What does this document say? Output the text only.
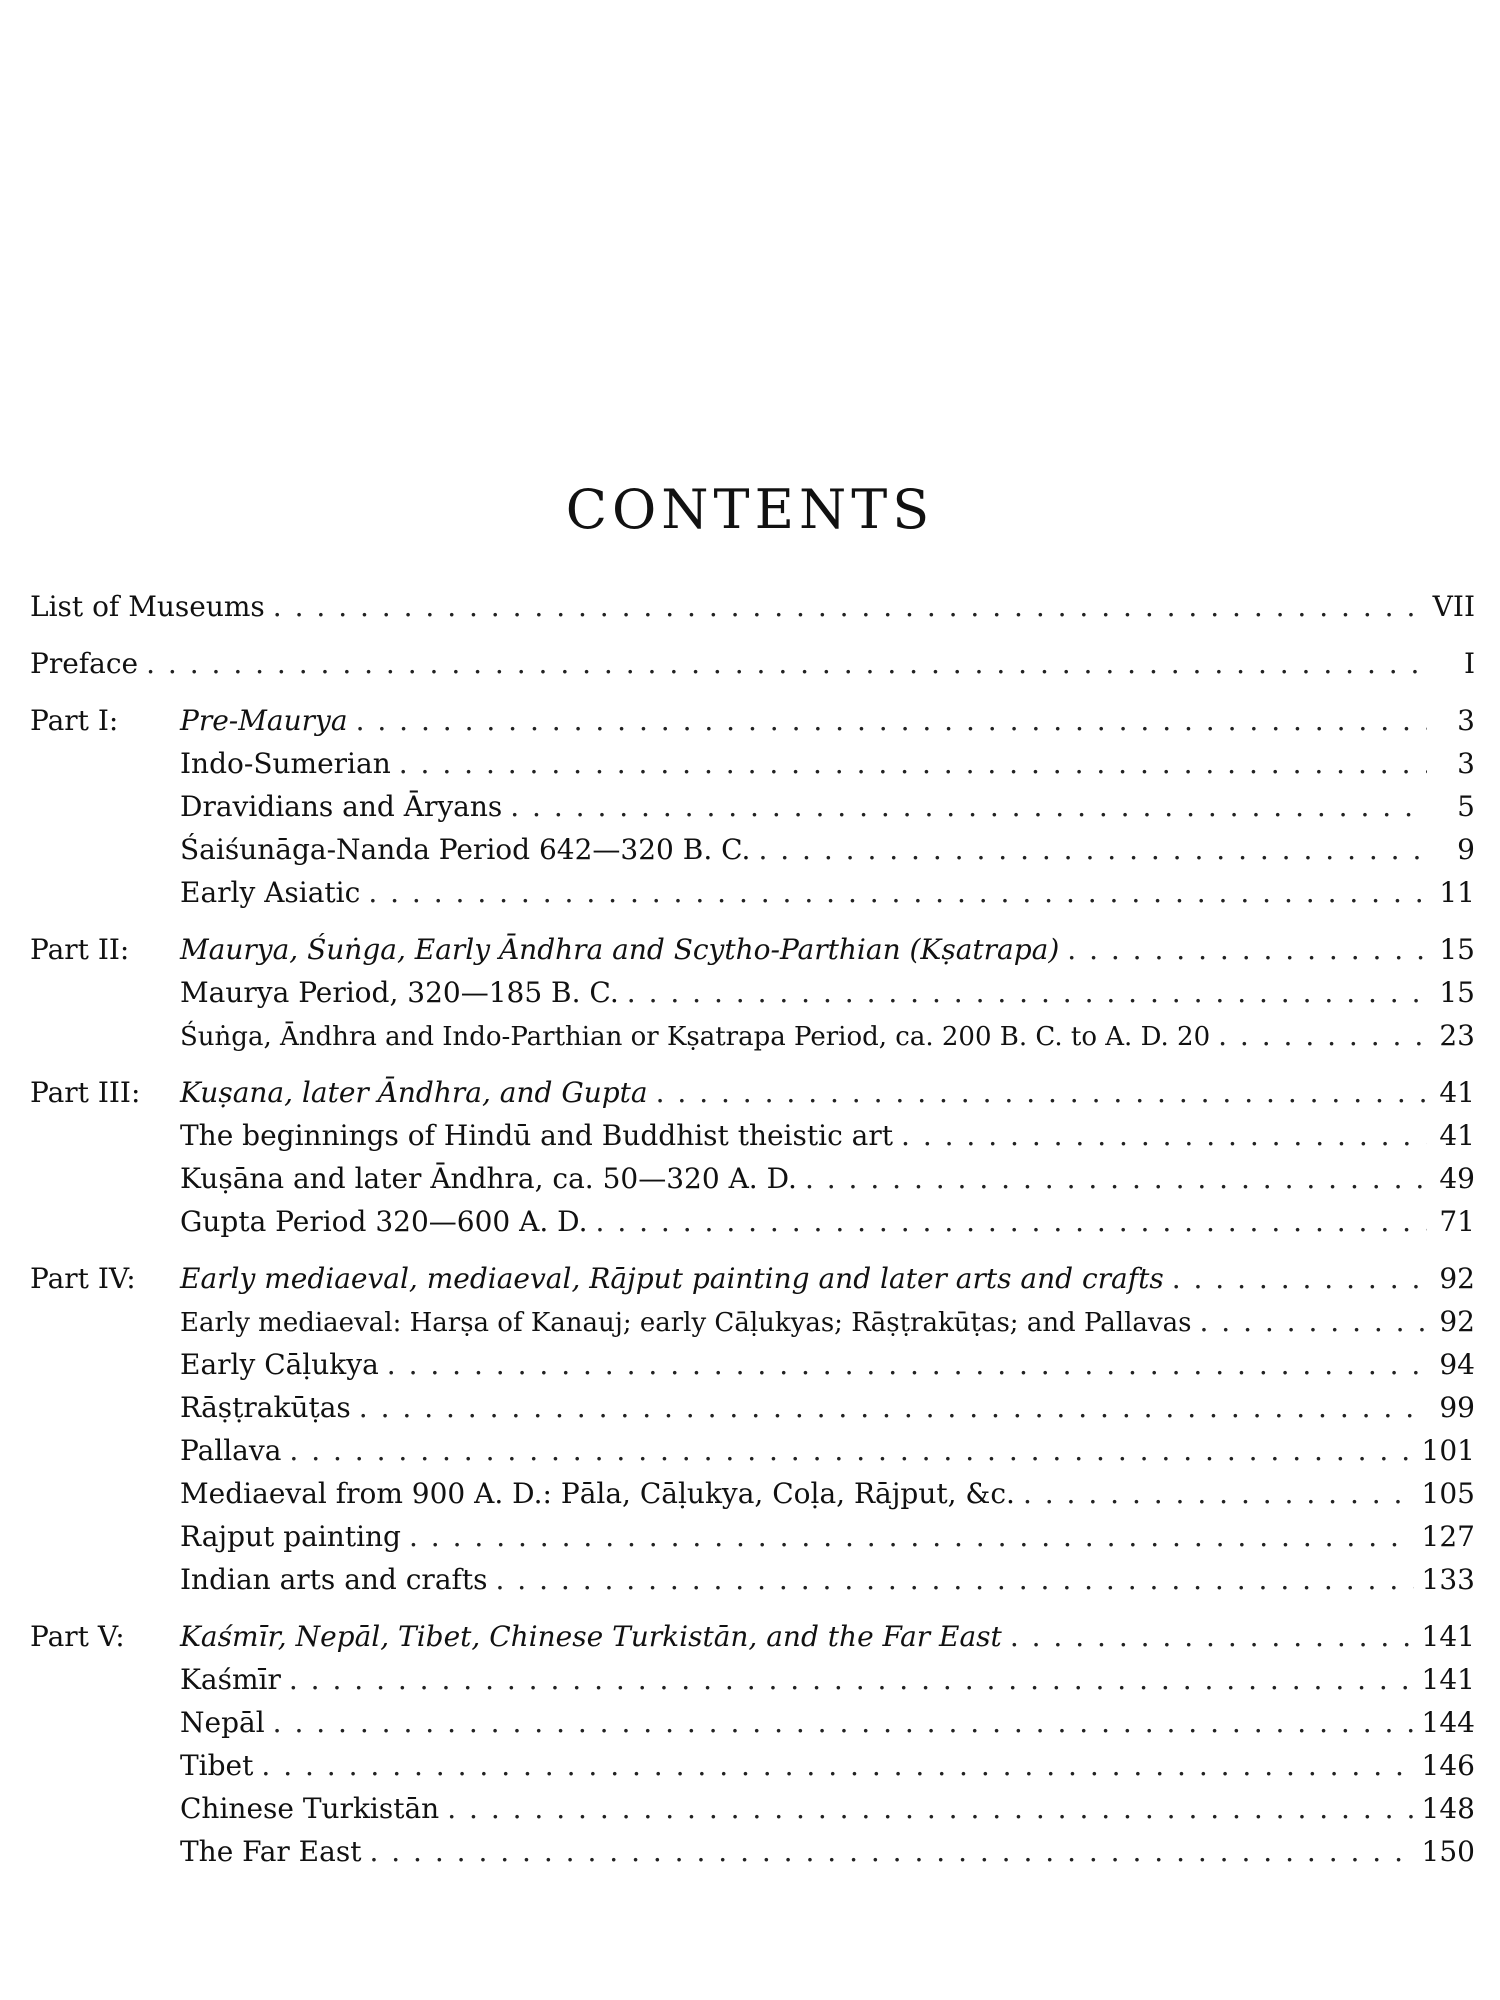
CONTENTS
List of Museums . . .	VII
Preface . . .	I
Part I:	Pre-Maurya . . .	3
Indo-Sumerian . . .	3
Dravidians and Āryans . . .	5
Śaiśunāga-Nanda Period 642—320 B. C. . . .	9
Early Asiatic . . .	11
Part II:	Maurya, Śuṅga, Early Āndhra and Scytho-Parthian (Kṣatrapa) . . .	15
Maurya Period, 320—185 B. C. . . .	15
Śuṅga, Āndhra and Indo-Parthian or Kṣatrapa Period, ca. 200 B. C. to A. D. 20 . . .	23
Part III:	Kuṣana, later Āndhra, and Gupta . . .	41
The beginnings of Hindū and Buddhist theistic art . . .	41
Kuṣāna and later Āndhra, ca. 50—320 A. D. . . .	49
Gupta Period 320—600 A. D. . . .	71
Part IV:	Early mediaeval, mediaeval, Rājput painting and later arts and crafts . . .	92
Early mediaeval: Harṣa of Kanauj; early Cāḷukyas; Rāṣṭrakūṭas; and Pallavas . . .	92
Early Cāḷukya . . .	94
Rāṣṭrakūṭas . . .	99
Pallava . . .	101
Mediaeval from 900 A. D.: Pāla, Cāḷukya, Coḷa, Rājput, &c. . . .	105
Rajput painting . . .	127
Indian arts and crafts . . .	133
Part V:	Kaśmīr, Nepāl, Tibet, Chinese Turkistān, and the Far East . . .	141
Kaśmīr . . .	141
Nepāl . . .	144
Tibet . . .	146
Chinese Turkistān . . .	148
The Far East . . .	150
